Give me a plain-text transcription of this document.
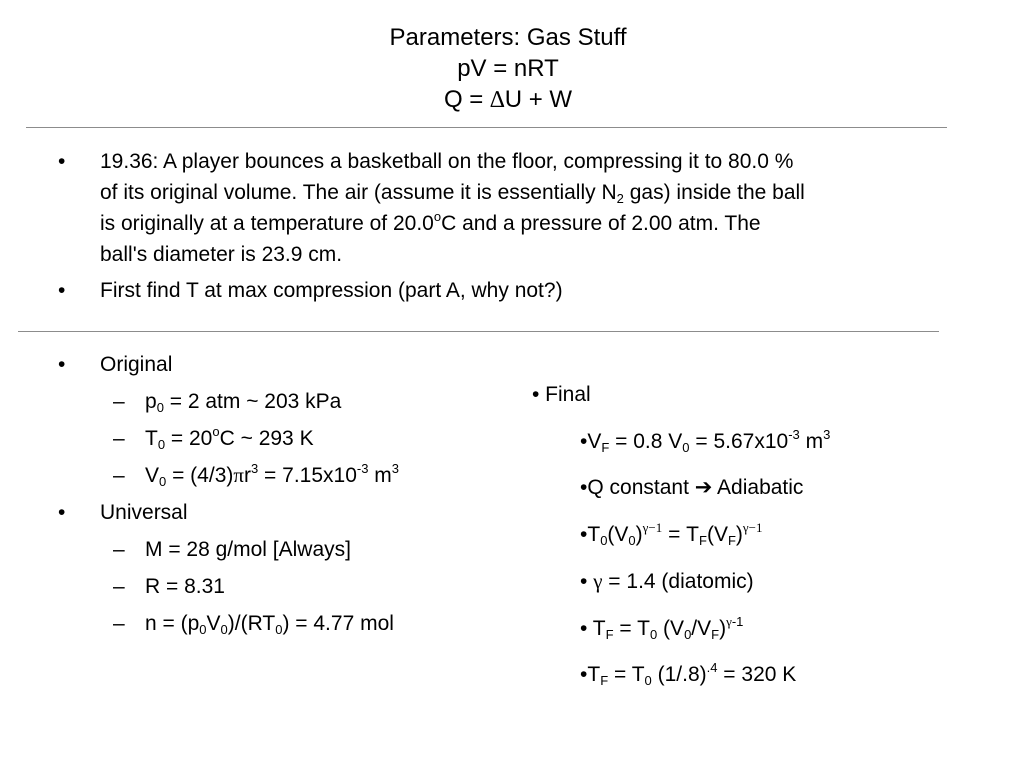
Parameters: Gas Stuff
pV = nRT
Q = ∆U + W
• 19.36: A player bounces a basketball on the floor, compressing it to 80.0 %
of its original volume. The air (assume it is essentially $N_2$ gas) inside the ball
is originally at a temperature of 20.0$^o$C and a pressure of 2.00 atm. The
ball's diameter is 23.9 cm.
• First find T at max compression (part A, why not?)
• Original
– $p_0 = 2$ atm ~ 203 kPa
– $T_0 = 20^oC$ ~ 293 K
– $V_0 = (4/3)\pi r^3 = 7.15x10^{-3}$ $m^3$
• Universal
– M = 28 g/mol [Always]
– R = 8.31
– $n = (p_0V_0)/(RT_0) = 4.77$ mol
• Final
$•V_F = 0.8$ $V_0 = 5.67x10^{-3}$ $m^3$
•Q constant ➔ Adiabatic
$•T_0(V_0)^{\gamma-1} = T_F(V_F)^{\gamma-1}$
• γ = 1.4 (diatomic)
• $T_F = T_0$ $(V_0/V_F)^{\gamma-1}$
$•T_F = T_0$ $(1/.8)^{.4} = 320$ K
